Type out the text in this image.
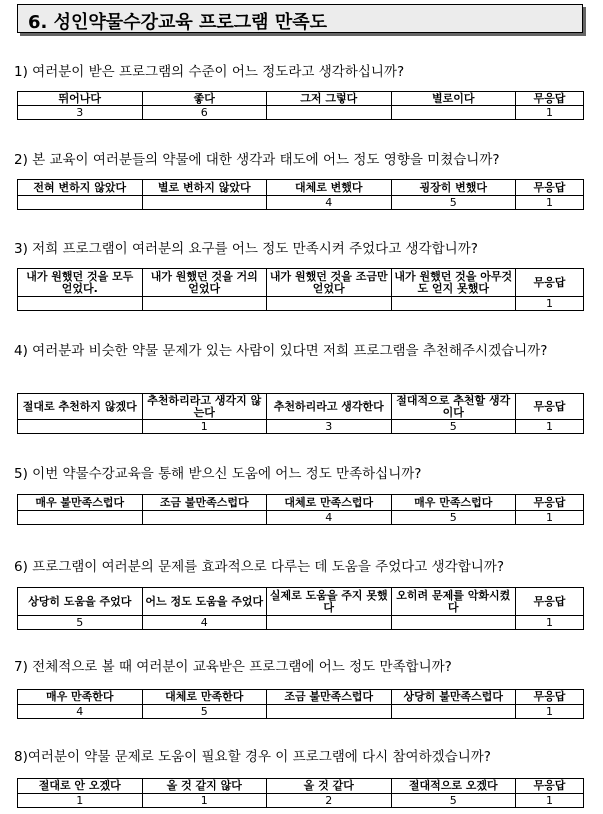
6. 성인약물수강교육 프로그램 만족도
1) 여러분이 받은 프로그램의 수준이 어느 정도라고 생각하십니까?
뛰어나다	좋다	그저 그렇다	별로이다	무응답
3	6			1
2) 본 교육이 여러분들의 약물에 대한 생각과 태도에 어느 정도 영향을 미쳤습니까?
전혀 변하지 않았다	별로 변하지 않았다	대체로 변했다	굉장히 변했다	무응답
		4	5	1
3) 저희 프로그램이 여러분의 요구를 어느 정도 만족시켜 주었다고 생각합니까?
내가 원했던 것을 모두 얻었다.	내가 원했던 것을 거의 얻었다	내가 원했던 것을 조금만 얻었다	내가 원했던 것을 아무것도 얻지 못했다	무응답
				1
4) 여러분과 비슷한 약물 문제가 있는 사람이 있다면 저희 프로그램을 추천해주시겠습니까?
절대로 추천하지 않겠다	추천하리라고 생각지 않는다	추천하리라고 생각한다	절대적으로 추천할 생각이다	무응답
	1	3	5	1
5) 이번 약물수강교육을 통해 받으신 도움에 어느 정도 만족하십니까?
매우 불만족스럽다	조금 불만족스럽다	대체로 만족스럽다	매우 만족스럽다	무응답
		4	5	1
6) 프로그램이 여러분의 문제를 효과적으로 다루는 데 도움을 주었다고 생각합니까?
상당히 도움을 주었다	어느 정도 도움을 주었다	실제로 도움을 주지 못했다	오히려 문제를 악화시켰다	무응답
5	4			1
7) 전체적으로 볼 때 여러분이 교육받은 프로그램에 어느 정도 만족합니까?
매우 만족한다	대체로 만족한다	조금 불만족스럽다	상당히 불만족스럽다	무응답
4	5			1
8)여러분이 약물 문제로 도움이 필요할 경우 이 프로그램에 다시 참여하겠습니까?
절대로 안 오겠다	올 것 같지 않다	올 것 같다	절대적으로 오겠다	무응답
1	1	2	5	1
